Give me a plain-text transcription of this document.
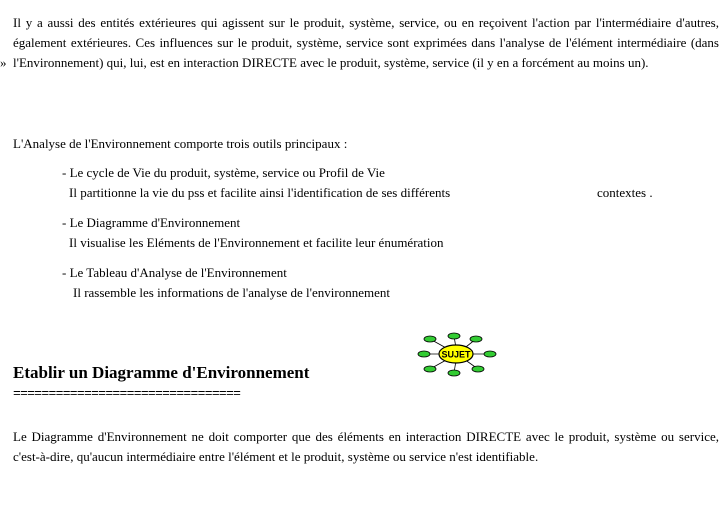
»

Il y a aussi des entités extérieures qui agissent sur le produit, système, service, ou en reçoivent l'action par l'intermédiaire d'autres, également extérieures. Ces influences sur le produit, système, service sont exprimées dans l'analyse de l'élément intermédiaire (dans l'Environnement) qui, lui, est en interaction DIRECTE avec le produit, système, service (il y en a forcément au moins un).

L'Analyse de l'Environnement comporte trois outils principaux :

- Le cycle de Vie du produit, système, service ou Profil de Vie

Il partitionne la vie du pss et facilite ainsi l'identification de ses différents	contextes .

- Le Diagramme d'Environnement

Il visualise les Eléments de l'Environnement et facilite leur énumération

- Le Tableau d'Analyse de l'Environnement

Il rassemble les informations de l'analyse de l'environnement

Etablir un Diagramme d'Environnement
================================
SUJET

Le Diagramme d'Environnement ne doit comporter que des éléments en interaction DIRECTE avec le produit, système ou service, c'est-à-dire, qu'aucun intermédiaire entre l'élément et le produit, système ou service n'est identifiable.
